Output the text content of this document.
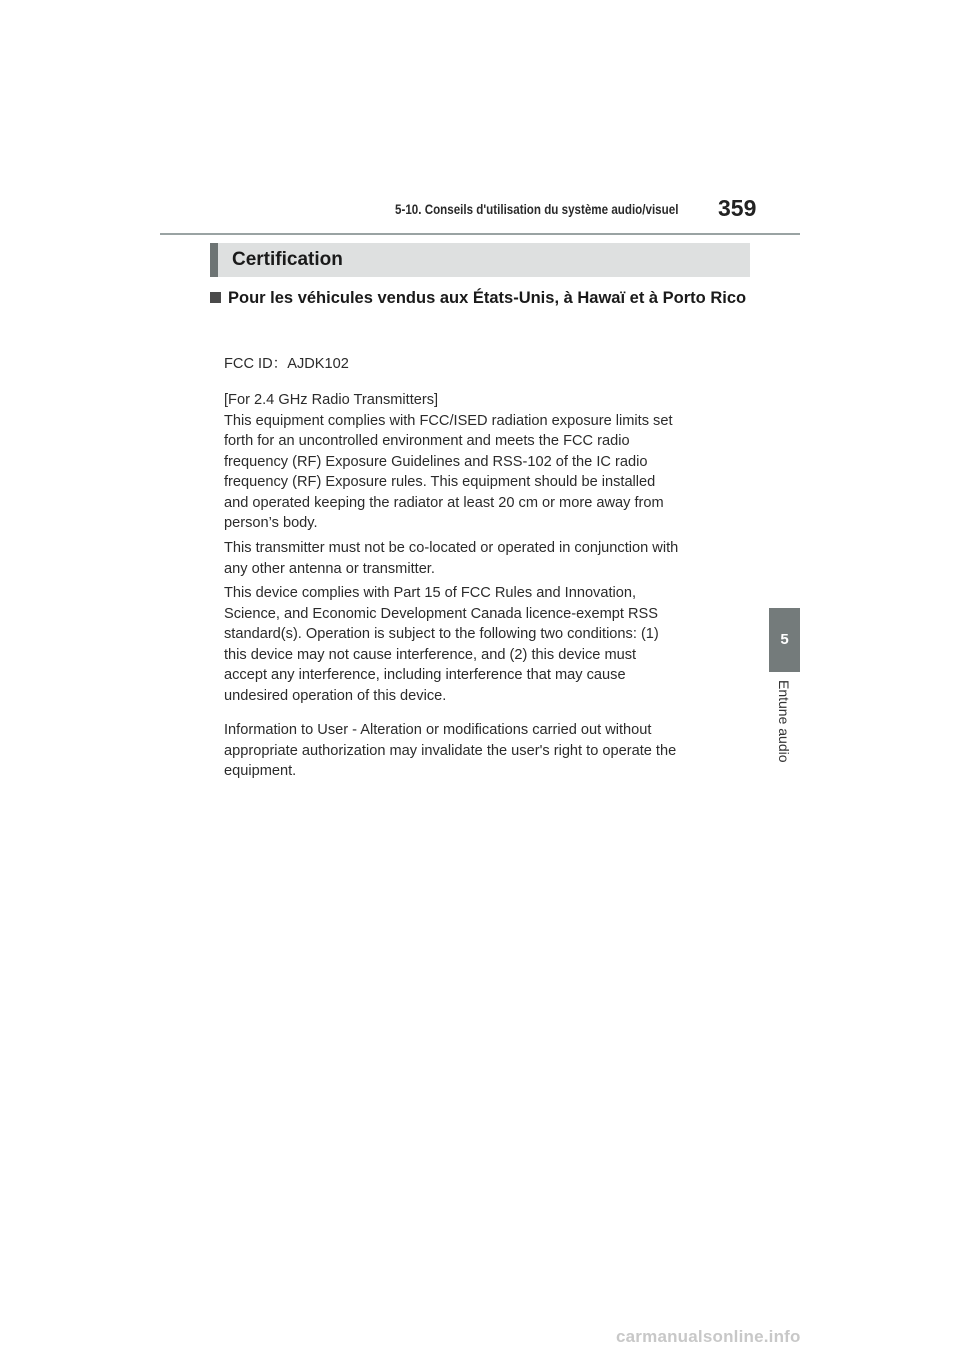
5-10. Conseils d'utilisation du système audio/visuel 359
Certification
Pour les véhicules vendus aux États-Unis, à Hawaï et à Porto Rico
FCC ID：AJDK102
[For 2.4 GHz Radio Transmitters]
This equipment complies with FCC/ISED radiation exposure limits set
forth for an uncontrolled environment and meets the FCC radio
frequency (RF) Exposure Guidelines and RSS-102 of the IC radio
frequency (RF) Exposure rules. This equipment should be installed
and operated keeping the radiator at least 20 cm or more away from
person’s body.
This transmitter must not be co-located or operated in conjunction with
any other antenna or transmitter.
This device complies with Part 15 of FCC Rules and Innovation,
Science, and Economic Development Canada licence-exempt RSS
standard(s). Operation is subject to the following two conditions: (1)
this device may not cause interference, and (2) this device must
accept any interference, including interference that may cause
undesired operation of this device.
Information to User - Alteration or modifications carried out without
appropriate authorization may invalidate the user's right to operate the
equipment.
5
Entune audio
carmanualsonline.info
